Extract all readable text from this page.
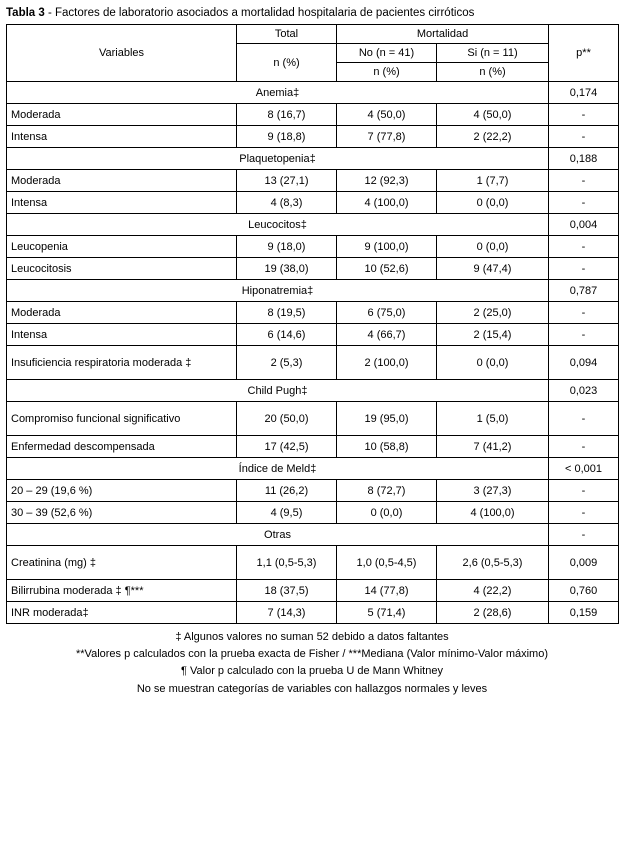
Tabla 3 - Factores de laboratorio asociados a mortalidad hospitalaria de pacientes cirróticos
Variables	Total	Mortalidad		p**
	n (%)	No (n = 41)	Si (n = 11)	
		n (%)	n (%)	
Anemia‡				0,174
Moderada	8 (16,7)	4 (50,0)	4 (50,0)	-
Intensa	9 (18,8)	7 (77,8)	2 (22,2)	-
Plaquetopenia‡				0,188
Moderada	13 (27,1)	12 (92,3)	1 (7,7)	-
Intensa	4 (8,3)	4 (100,0)	0 (0,0)	-
Leucocitos‡				0,004
Leucopenia	9 (18,0)	9 (100,0)	0 (0,0)	-
Leucocitosis	19 (38,0)	10 (52,6)	9 (47,4)	-
Hiponatremia‡				0,787
Moderada	8 (19,5)	6 (75,0)	2 (25,0)	-
Intensa	6 (14,6)	4 (66,7)	2 (15,4)	-
Insuficiencia respiratoria moderada ‡	2 (5,3)	2 (100,0)	0 (0,0)	0,094
Child Pugh‡				0,023
Compromiso funcional significativo	20 (50,0)	19 (95,0)	1 (5,0)	-
Enfermedad descompensada	17 (42,5)	10 (58,8)	7 (41,2)	-
Índice de Meld‡				< 0,001
20 – 29 (19,6 %)	11 (26,2)	8 (72,7)	3 (27,3)	-
30 – 39 (52,6 %)	4 (9,5)	0 (0,0)	4 (100,0)	-
Otras				-
Creatinina (mg) ‡	1,1 (0,5-5,3)	1,0 (0,5-4,5)	2,6 (0,5-5,3)	0,009
Bilirrubina moderada ‡ ¶***	18 (37,5)	14 (77,8)	4 (22,2)	0,760
INR moderada‡	7 (14,3)	5 (71,4)	2 (28,6)	0,159
‡ Algunos valores no suman 52 debido a datos faltantes
**Valores p calculados con la prueba exacta de Fisher / ***Mediana (Valor mínimo-Valor máximo)
¶ Valor p calculado con la prueba U de Mann Whitney
No se muestran categorías de variables con hallazgos normales y leves
